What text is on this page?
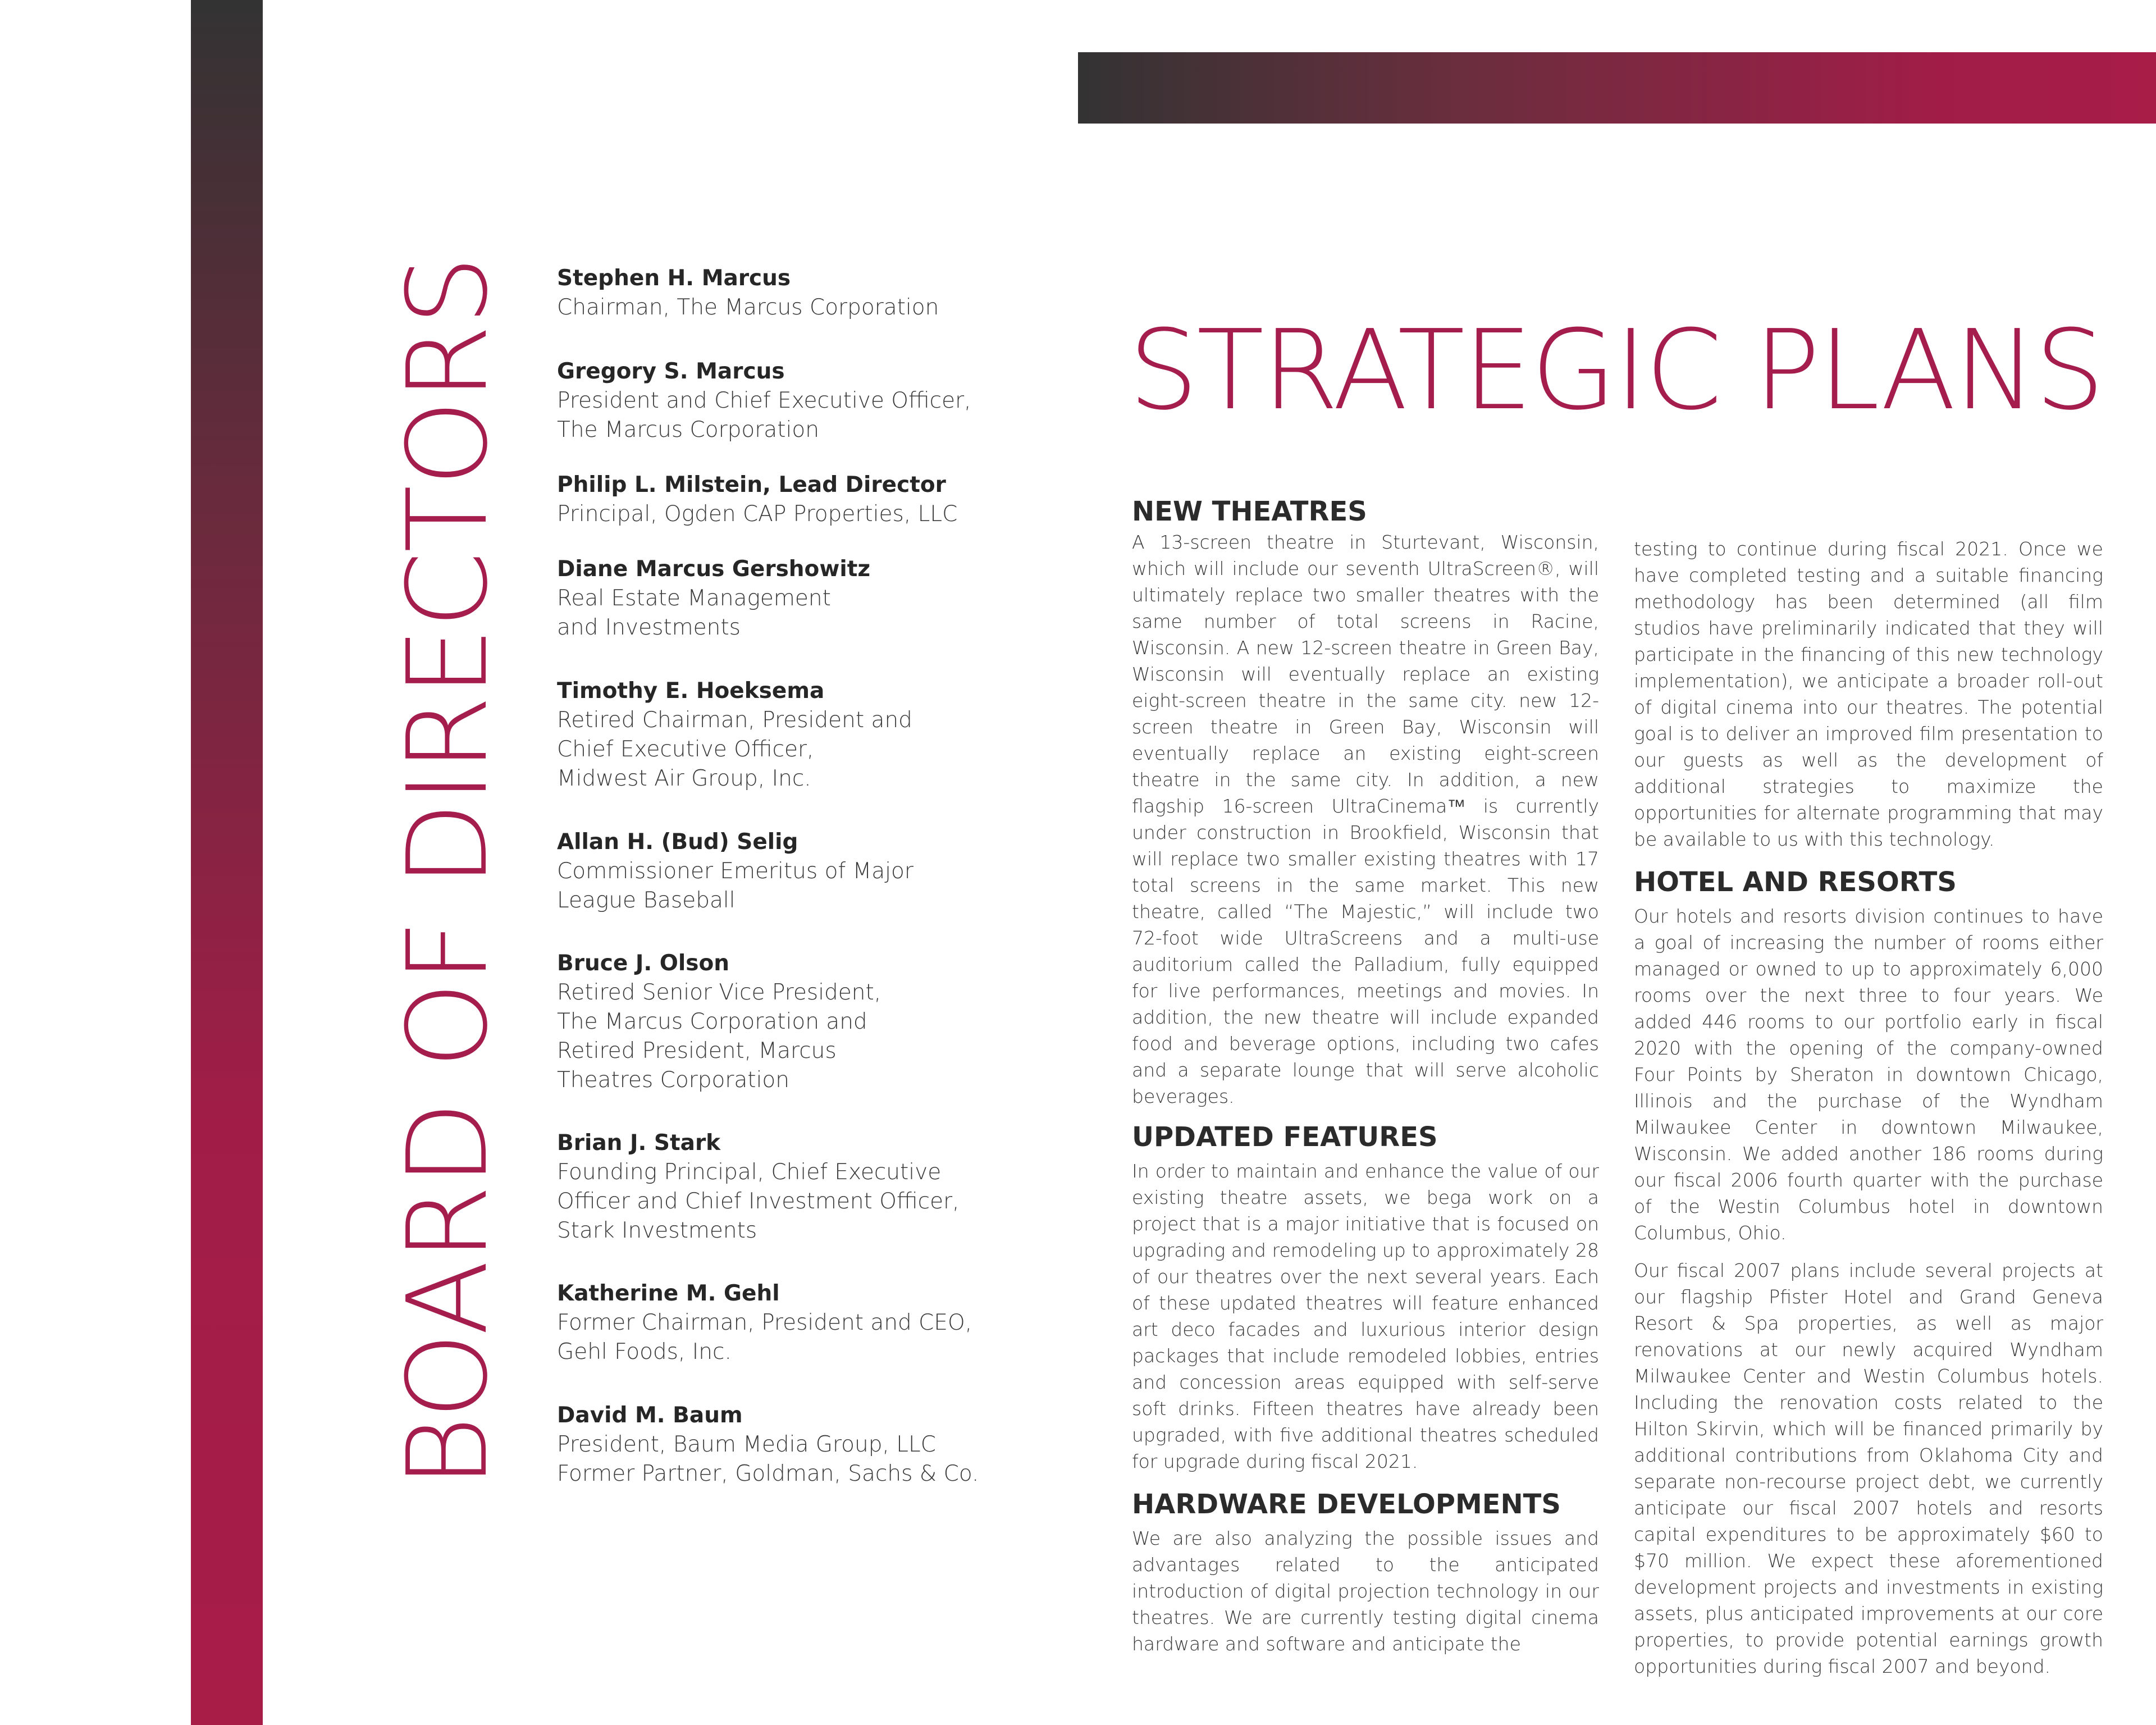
BOARD OF DIRECTORS Stephen H. Marcus

Chairman, The Marcus Corporation

Gregory S. Marcus

President and Chief Executive Officer,

The Marcus Corporation

Philip L. Milstein, Lead Director

Principal, Ogden CAP Properties, LLC

Diane Marcus Gershowitz

Real Estate Management

and Investments

Timothy E. Hoeksema

Retired Chairman, President and

Chief Executive Officer,

Midwest Air Group, Inc.

Allan H. (Bud) Selig

Commissioner Emeritus of Major

League Baseball

Bruce J. Olson

Retired Senior Vice President,

The Marcus Corporation and

Retired President, Marcus

Theatres Corporation

Brian J. Stark

Founding Principal, Chief Executive

Officer and Chief Investment Officer,

Stark Investments

Katherine M. Gehl

Former Chairman, President and CEO,

Gehl Foods, Inc.

David M. Baum

President, Baum Media Group, LLC

Former Partner, Goldman, Sachs & Co.

STRATEGIC PLANS
NEW THEATRES

A 13-screen theatre in Sturtevant, Wisconsin, which will include our seventh UltraScreen®, will ultimately replace two smaller theatres with the same number of total screens in Racine, Wisconsin. A new 12-screen theatre in Green Bay, Wisconsin will eventually replace an existing eight-screen theatre in the same city. new 12-screen theatre in Green Bay, Wisconsin will eventually replace an existing eight-screen theatre in the same city. In addition, a new flagship 16-screen UltraCinema™ is currently under construction in Brookfield, Wisconsin that will replace two smaller existing theatres with 17 total screens in the same market. This new theatre, called “The Majestic,” will include two 72-foot wide UltraScreens and a multi-use auditorium called the Palladium, fully equipped for live performances, meetings and movies. In addition, the new theatre will include expanded food and beverage options, including two cafes and a separate lounge that will serve alcoholic beverages.

UPDATED FEATURES

In order to maintain and enhance the value of our existing theatre assets, we bega work on a project that is a major initiative that is focused on upgrading and remodeling up to approximately 28 of our theatres over the next several years. Each of these updated theatres will feature enhanced art deco facades and luxurious interior design packages that include remodeled lobbies, entries and concession areas equipped with self-serve soft drinks. Fifteen theatres have already been upgraded, with five additional theatres scheduled for upgrade during fiscal 2021.

HARDWARE DEVELOPMENTS

We are also analyzing the possible issues and advantages related to the anticipated introduction of digital projection technology in our theatres. We are currently testing digital cinema hardware and software and anticipate the

testing to continue during fiscal 2021. Once we have completed testing and a suitable financing methodology has been determined (all film studios have preliminarily indicated that they will participate in the financing of this new technology implementation), we anticipate a broader roll-out of digital cinema into our theatres. The potential goal is to deliver an improved film presentation to our guests as well as the development of additional strategies to maximize the opportunities for alternate programming that may be available to us with this technology.

HOTEL AND RESORTS

Our hotels and resorts division continues to have a goal of increasing the number of rooms either managed or owned to up to approximately 6,000 rooms over the next three to four years. We added 446 rooms to our portfolio early in fiscal 2020 with the opening of the company-owned Four Points by Sheraton in downtown Chicago, Illinois and the purchase of the Wyndham Milwaukee Center in downtown Milwaukee, Wisconsin. We added another 186 rooms during our fiscal 2006 fourth quarter with the purchase of the Westin Columbus hotel in downtown Columbus, Ohio.

Our fiscal 2007 plans include several projects at our flagship Pfister Hotel and Grand Geneva Resort & Spa properties, as well as major renovations at our newly acquired Wyndham Milwaukee Center and Westin Columbus hotels. Including the renovation costs related to the Hilton Skirvin, which will be financed primarily by additional contributions from Oklahoma City and separate non-recourse project debt, we currently anticipate our fiscal 2007 hotels and resorts capital expenditures to be approximately $60 to $70 million. We expect these aforementioned development projects and investments in existing assets, plus anticipated improvements at our core properties, to provide potential earnings growth opportunities during fiscal 2007 and beyond.
